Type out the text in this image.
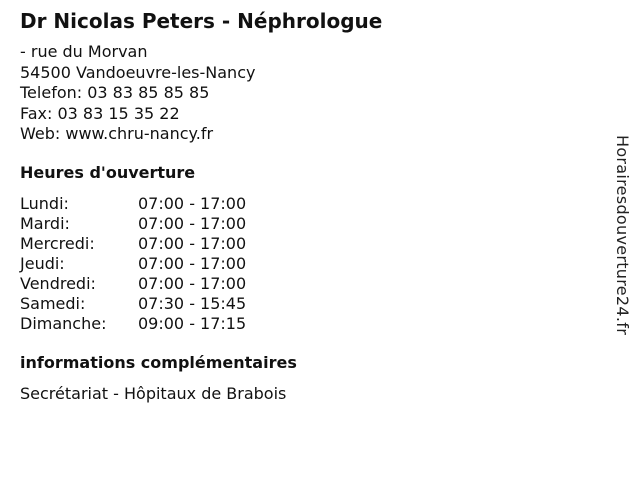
Dr Nicolas Peters - Néphrologue
- rue du Morvan
54500 Vandoeuvre-les-Nancy
Telefon: 03 83 85 85 85
Fax: 03 83 15 35 22
Web: www.chru-nancy.fr
Heures d'ouverture
Lundi:	07:00 - 17:00
Mardi:	07:00 - 17:00
Mercredi:	07:00 - 17:00
Jeudi:	07:00 - 17:00
Vendredi:	07:00 - 17:00
Samedi:	07:30 - 15:45
Dimanche: 09:00 - 17:15
informations complémentaires
Secrétariat - Hôpitaux de Brabois
Horairesdouverture24.fr
